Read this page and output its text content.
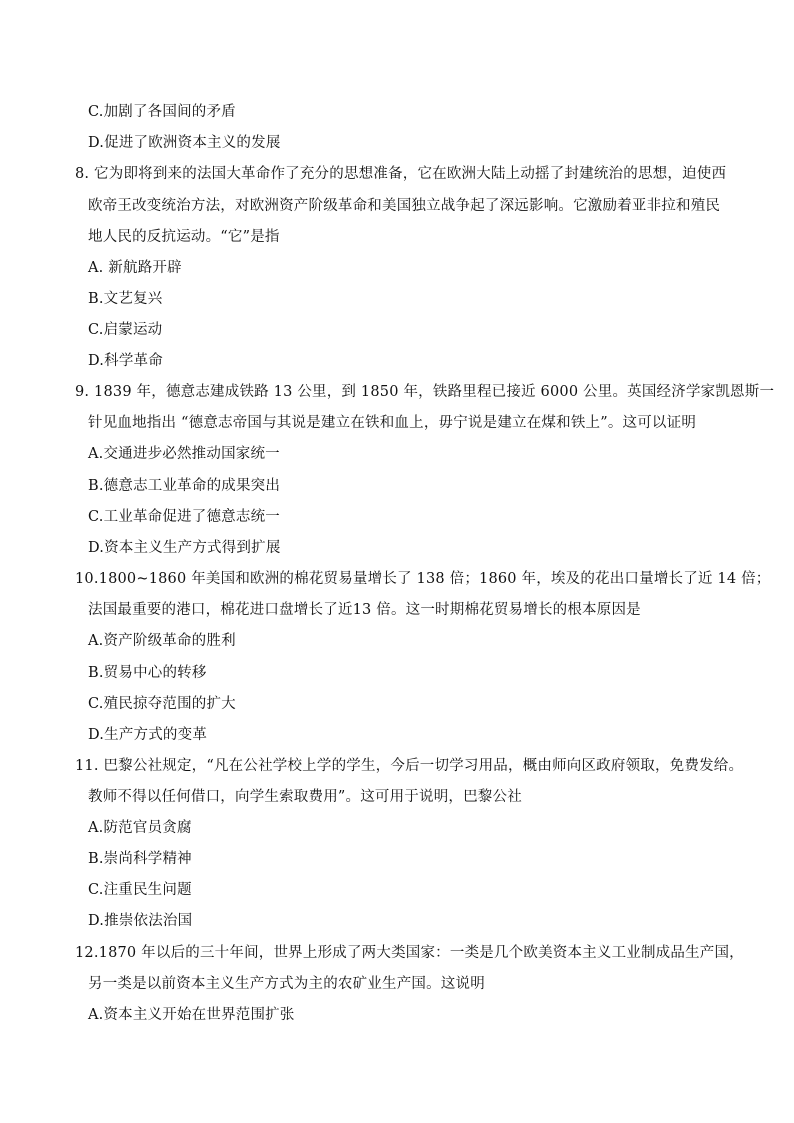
C.加剧了各国间的矛盾
D.促进了欧洲资本主义的发展
8. 它为即将到来的法国大革命作了充分的思想准备，它在欧洲大陆上动摇了封建统治的思想，迫使西
欧帝王改变统治方法，对欧洲资产阶级革命和美国独立战争起了深远影响。它激励着亚非拉和殖民
地人民的反抗运动。“它”是指
A. 新航路开辟
B.文艺复兴
C.启蒙运动
D.科学革命
9. 1839 年，德意志建成铁路 13 公里，到 1850 年，铁路里程已接近 6000 公里。英国经济学家凯恩斯一
针见血地指出 “德意志帝国与其说是建立在铁和血上，毋宁说是建立在煤和铁上”。这可以证明
A.交通进步必然推动国家统一
B.德意志工业革命的成果突出
C.工业革命促进了德意志统一
D.资本主义生产方式得到扩展
10.1800~1860 年美国和欧洲的棉花贸易量增长了 138 倍；1860 年，埃及的花出口量增长了近 14 倍；
法国最重要的港口，棉花进口盘增长了近13 倍。这一时期棉花贸易增长的根本原因是
A.资产阶级革命的胜利
B.贸易中心的转移
C.殖民掠夺范围的扩大
D.生产方式的变革
11. 巴黎公社规定，“凡在公社学校上学的学生，今后一切学习用品，概由师向区政府领取，免费发给。
教师不得以任何借口，向学生索取费用”。这可用于说明，巴黎公社
A.防范官员贪腐
B.崇尚科学精神
C.注重民生问题
D.推崇依法治国
12.1870 年以后的三十年间，世界上形成了两大类国家：一类是几个欧美资本主义工业制成品生产国，
另一类是以前资本主义生产方式为主的农矿业生产国。这说明
A.资本主义开始在世界范围扩张
